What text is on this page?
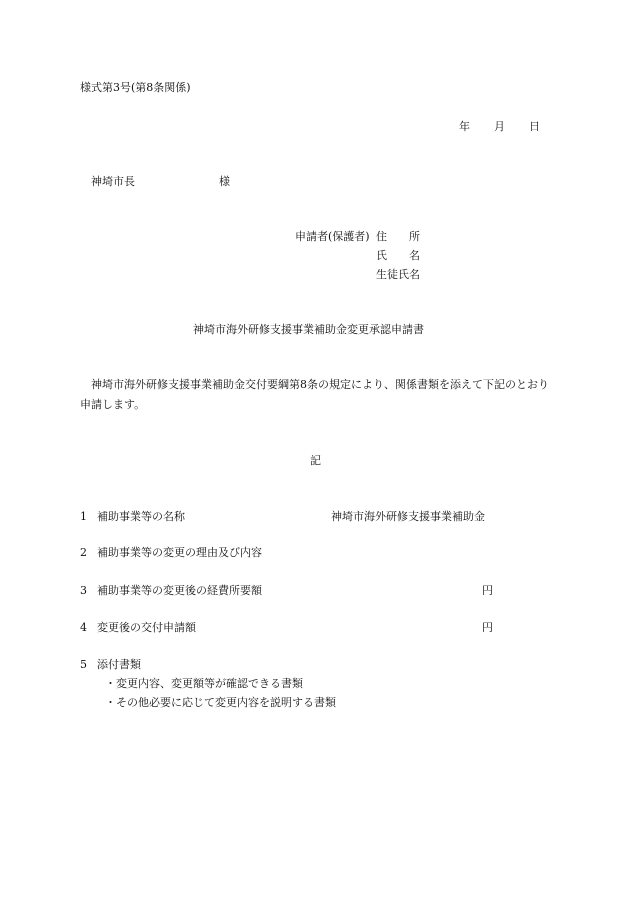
様式第3号(第8条関係)
年 月 日
神埼市長	様
申請者(保護者) 住　　所
氏　　名
生徒氏名
神埼市海外研修支援事業補助金変更承認申請書
神埼市海外研修支援事業補助金交付要綱第8条の規定により、関係書類を添えて下記のとおり申請します。
記
1 補助事業等の名称	神埼市海外研修支援事業補助金
2 補助事業等の変更の理由及び内容
3 補助事業等の変更後の経費所要額	円
4 変更後の交付申請額	円
5 添付書類
・変更内容、変更額等が確認できる書類
・その他必要に応じて変更内容を説明する書類
